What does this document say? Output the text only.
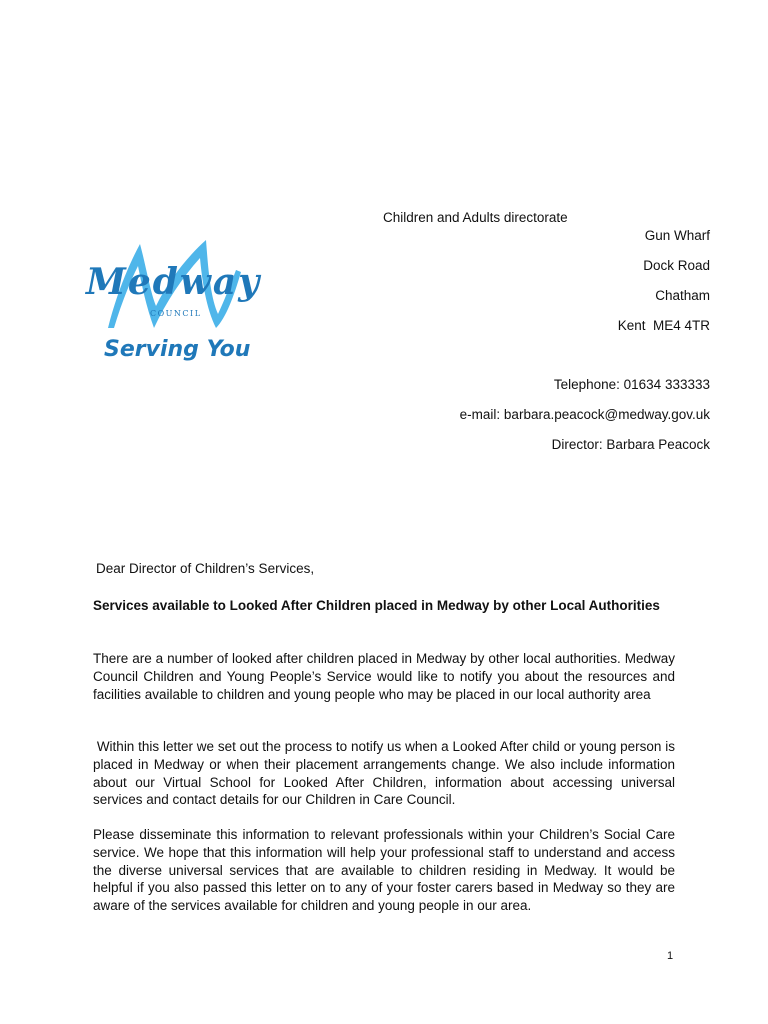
Medway
COUNCIL
Serving You
Children and Adults directorate
Gun Wharf
Dock Road
Chatham
Kent  ME4 4TR
Telephone: 01634 333333
e-mail: barbara.peacock@medway.gov.uk
Director: Barbara Peacock
Dear Director of Children’s Services,
Services available to Looked After Children placed in Medway by other Local Authorities
There are a number of looked after children placed in Medway by other local authorities. Medway Council Children and Young People’s Service would like to notify you about the resources and facilities available to children and young people who may be placed in our local authority area
Within this letter we set out the process to notify us when a Looked After child or young person is placed in Medway or when their placement arrangements change. We also include information about our Virtual School for Looked After Children, information about accessing universal services and contact details for our Children in Care Council.
Please disseminate this information to relevant professionals within your Children’s Social Care service. We hope that this information will help your professional staff to understand and access the diverse universal services that are available to children residing in Medway. It would be helpful if you also passed this letter on to any of your foster carers based in Medway so they are aware of the services available for children and young people in our area.
1
